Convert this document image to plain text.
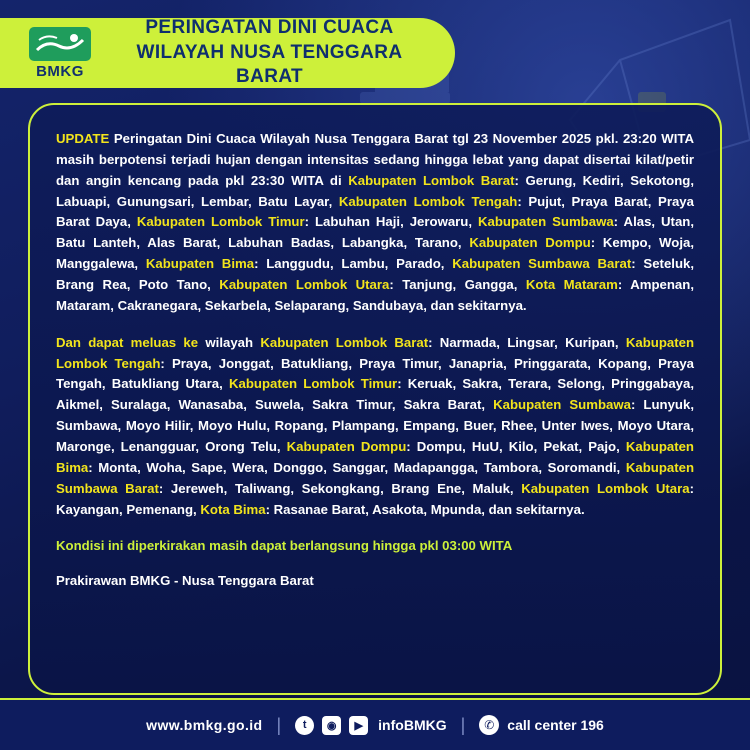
BMKG
PERINGATAN DINI CUACA
WILAYAH NUSA TENGGARA BARAT
UPDATE Peringatan Dini Cuaca Wilayah Nusa Tenggara Barat tgl 23 November 2025 pkl. 23:20 WITA masih berpotensi terjadi hujan dengan intensitas sedang hingga lebat yang dapat disertai kilat/petir dan angin kencang pada pkl 23:30 WITA di Kabupaten Lombok Barat: Gerung, Kediri, Sekotong, Labuapi, Gunungsari, Lembar, Batu Layar, Kabupaten Lombok Tengah: Pujut, Praya Barat, Praya Barat Daya, Kabupaten Lombok Timur: Labuhan Haji, Jerowaru, Kabupaten Sumbawa: Alas, Utan, Batu Lanteh, Alas Barat, Labuhan Badas, Labangka, Tarano, Kabupaten Dompu: Kempo, Woja, Manggalewa, Kabupaten Bima: Langgudu, Lambu, Parado, Kabupaten Sumbawa Barat: Seteluk, Brang Rea, Poto Tano, Kabupaten Lombok Utara: Tanjung, Gangga, Kota Mataram: Ampenan, Mataram, Cakranegara, Sekarbela, Selaparang, Sandubaya, dan sekitarnya.
Dan dapat meluas ke wilayah Kabupaten Lombok Barat: Narmada, Lingsar, Kuripan, Kabupaten Lombok Tengah: Praya, Jonggat, Batukliang, Praya Timur, Janapria, Pringgarata, Kopang, Praya Tengah, Batukliang Utara, Kabupaten Lombok Timur: Keruak, Sakra, Terara, Selong, Pringgabaya, Aikmel, Suralaga, Wanasaba, Suwela, Sakra Timur, Sakra Barat, Kabupaten Sumbawa: Lunyuk, Sumbawa, Moyo Hilir, Moyo Hulu, Ropang, Plampang, Empang, Buer, Rhee, Unter Iwes, Moyo Utara, Maronge, Lenangguar, Orong Telu, Kabupaten Dompu: Dompu, HuU, Kilo, Pekat, Pajo, Kabupaten Bima: Monta, Woha, Sape, Wera, Donggo, Sanggar, Madapangga, Tambora, Soromandi, Kabupaten Sumbawa Barat: Jereweh, Taliwang, Sekongkang, Brang Ene, Maluk, Kabupaten Lombok Utara: Kayangan, Pemenang, Kota Bima: Rasanae Barat, Asakota, Mpunda, dan sekitarnya.
Kondisi ini diperkirakan masih dapat berlangsung hingga pkl 03:00 WITA
Prakirawan BMKG - Nusa Tenggara Barat
www.bmkg.go.id |	t	◉	▶	infoBMKG |	✆ call center 196
